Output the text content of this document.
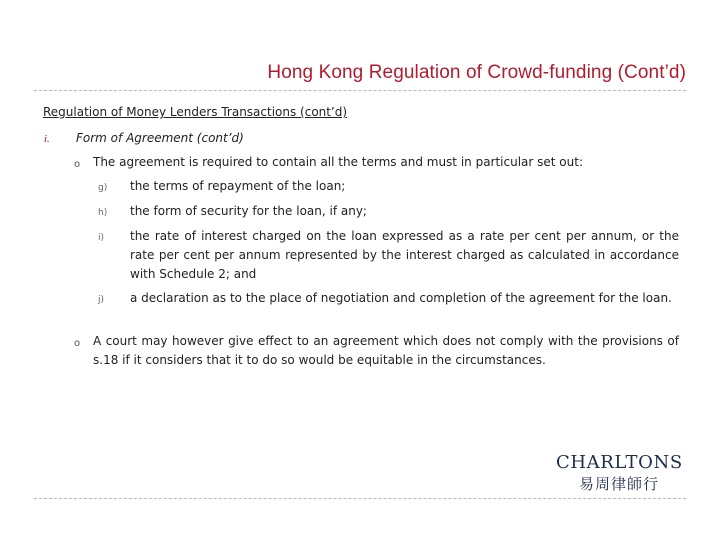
Hong Kong Regulation of Crowd-funding (Cont’d)
Regulation of Money Lenders Transactions (cont’d)
i. Form of Agreement (cont’d)
o The agreement is required to contain all the terms and must in particular set out:
g) the terms of repayment of the loan;
h) the form of security for the loan, if any;
i) the rate of interest charged on the loan expressed as a rate per cent per annum, or the rate per cent per annum represented by the interest charged as calculated in accordance with Schedule 2; and
j) a declaration as to the place of negotiation and completion of the agreement for the loan.
o A court may however give effect to an agreement which does not comply with the provisions of s.18 if it considers that it to do so would be equitable in the circumstances.
CHARLTONS
易周律師行
